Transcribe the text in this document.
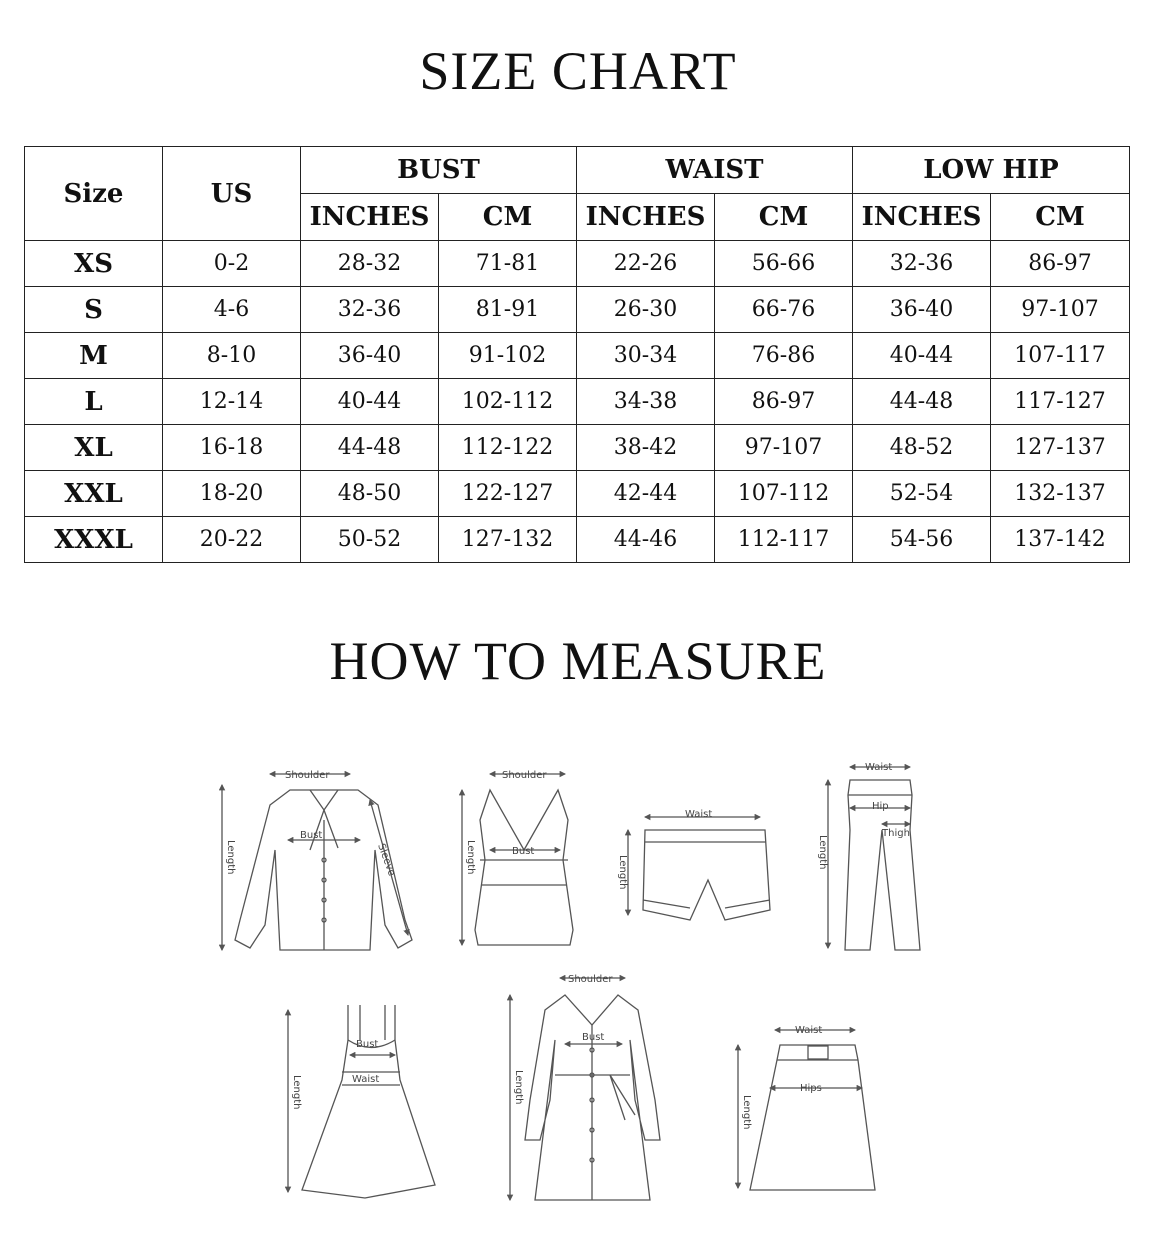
SIZE CHART
Size	US	BUST		WAIST		LOW HIP	
		INCHES	CM	INCHES	CM	INCHES	CM
XS	0-2	28-32	71-81	22-26	56-66	32-36	86-97
S	4-6	32-36	81-91	26-30	66-76	36-40	97-107
M	8-10	36-40	91-102	30-34	76-86	40-44	107-117
L	12-14	40-44	102-112	34-38	86-97	44-48	117-127
XL	16-18	44-48	112-122	38-42	97-107	48-52	127-137
XXL	18-20	48-50	122-127	42-44	107-112	52-54	132-137
XXXL	20-22	50-52	127-132	44-46	112-117	54-56	137-142
HOW TO MEASURE
Shoulder
Bust
Length	Sleeve
Shoulder
Bust
Length
Waist
Length
Waist
Hip
Thigh
Length
Bust
Waist
Length
Shoulder
Bust
Length
Waist
Hips
Length
